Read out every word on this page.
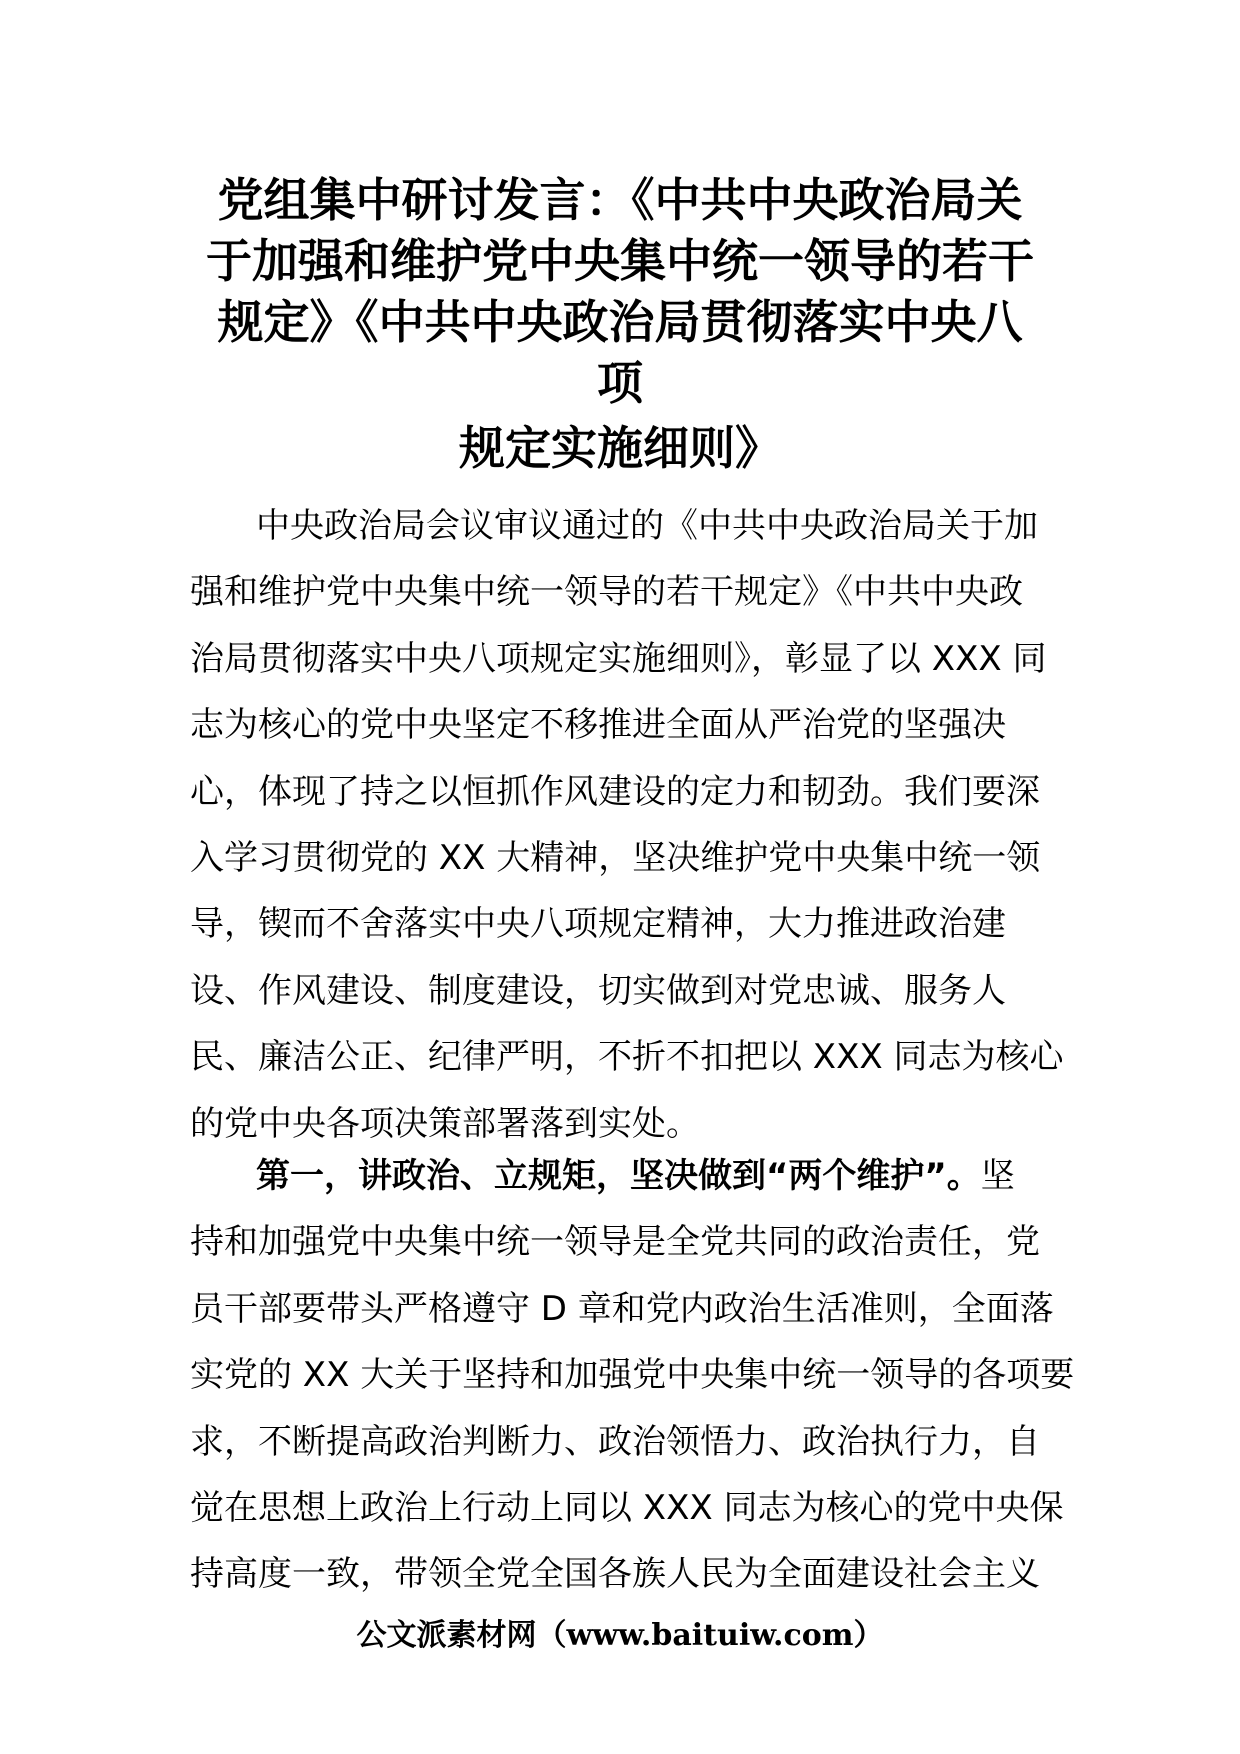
党组集中研讨发言：《中共中央政治局关
于加强和维护党中央集中统一领导的若干
规定》《中共中央政治局贯彻落实中央八
项
规定实施细则》
中央政治局会议审议通过的《中共中央政治局关于加
强和维护党中央集中统一领导的若干规定》《中共中央政
治局贯彻落实中央八项规定实施细则》，彰显了以 XXX 同
志为核心的党中央坚定不移推进全面从严治党的坚强决
心，体现了持之以恒抓作风建设的定力和韧劲。我们要深
入学习贯彻党的 XX 大精神，坚决维护党中央集中统一领
导，锲而不舍落实中央八项规定精神，大力推进政治建
设、作风建设、制度建设，切实做到对党忠诚、服务人
民、廉洁公正、纪律严明，不折不扣把以 XXX 同志为核心
的党中央各项决策部署落到实处。
第一，讲政治、立规矩，坚决做到“两个维护”。坚
持和加强党中央集中统一领导是全党共同的政治责任，党
员干部要带头严格遵守 D 章和党内政治生活准则，全面落
实党的 XX 大关于坚持和加强党中央集中统一领导的各项要
求，不断提高政治判断力、政治领悟力、政治执行力，自
觉在思想上政治上行动上同以 XXX 同志为核心的党中央保
持高度一致，带领全党全国各族人民为全面建设社会主义
公文派素材网（www.baituiw.com）
